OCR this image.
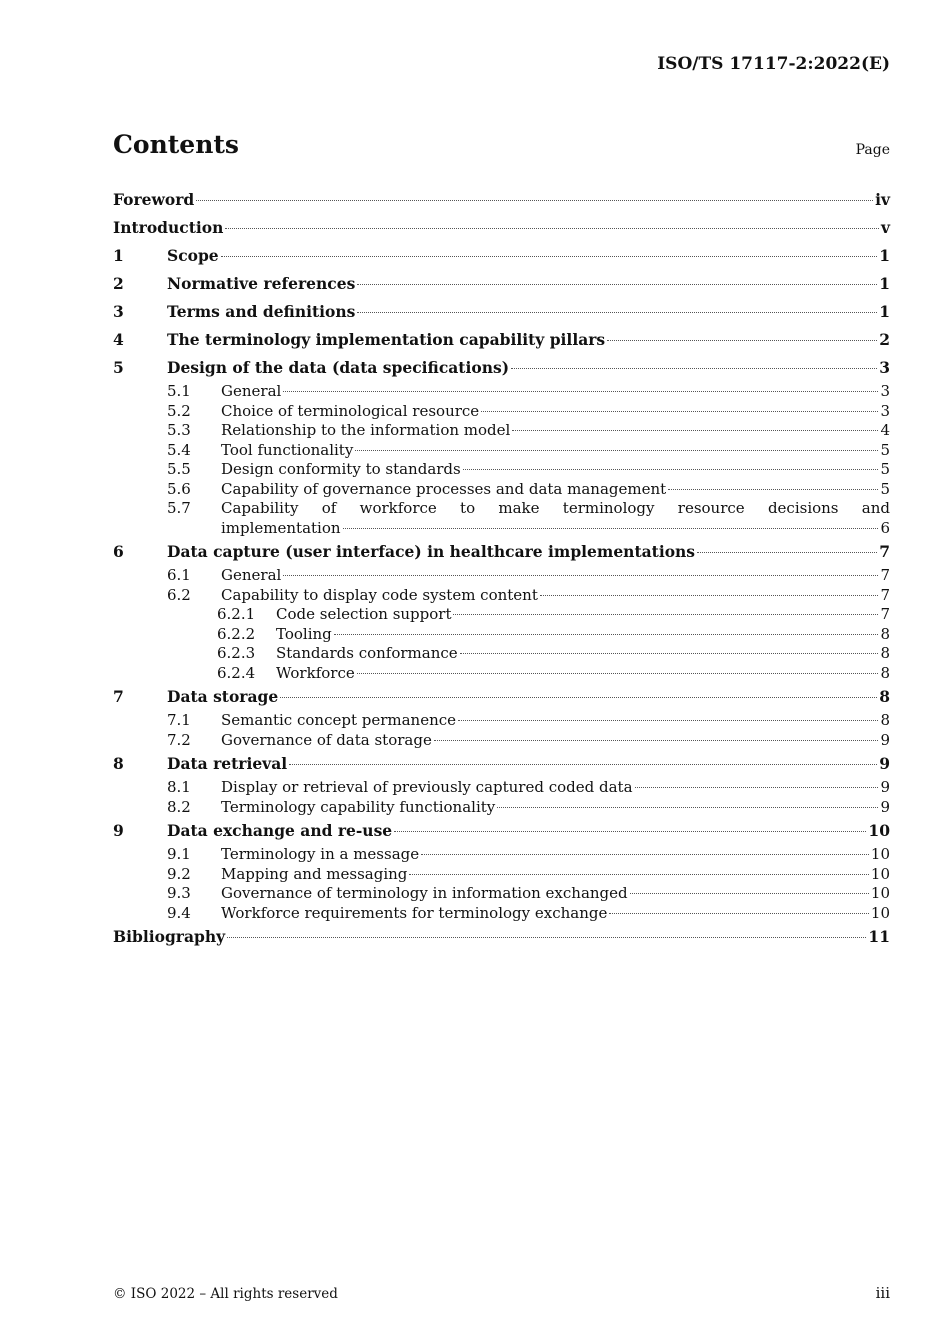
ISO/TS 17117-2:2022(E)
Contents	Page
Foreword	iv
Introduction	v
1	Scope	1
2	Normative references	1
3	Terms and definitions	1
4	The terminology implementation capability pillars	2
5	Design of the data (data specifications)	3
5.1	General	3
5.2	Choice of terminological resource	3
5.3	Relationship to the information model	4
5.4	Tool functionality	5
5.5	Design conformity to standards	5
5.6	Capability of governance processes and data management	5
5.7	Capability of workforce to make terminology resource decisions and
implementation	6
6	Data capture (user interface) in healthcare implementations	7
6.1	General	7
6.2	Capability to display code system content	7
6.2.1	Code selection support	7
6.2.2	Tooling	8
6.2.3	Standards conformance	8
6.2.4	Workforce	8
7	Data storage	8
7.1	Semantic concept permanence	8
7.2	Governance of data storage	9
8	Data retrieval	9
8.1	Display or retrieval of previously captured coded data	9
8.2	Terminology capability functionality	9
9	Data exchange and re-use	10
9.1	Terminology in a message	10
9.2	Mapping and messaging	10
9.3	Governance of terminology in information exchanged	10
9.4	Workforce requirements for terminology exchange	10
Bibliography	11
© ISO 2022 – All rights reserved	iii
